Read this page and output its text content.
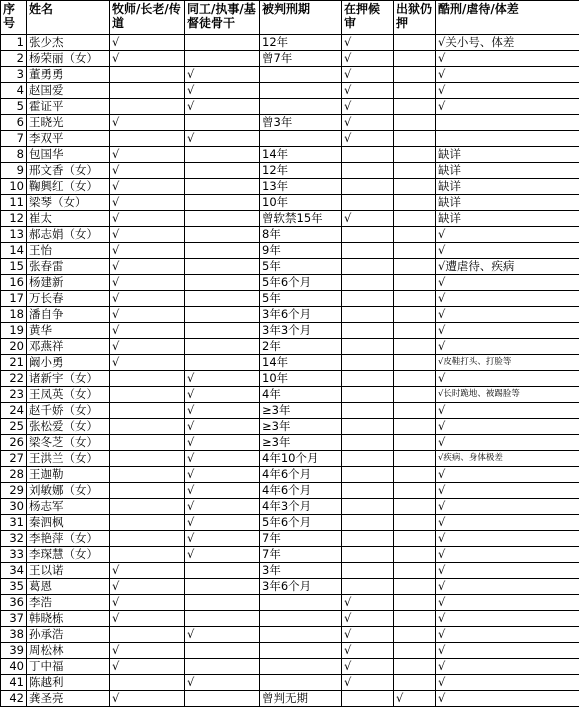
序号	姓名	牧师/长老/传道	同工/执事/基督徒骨干	被判刑期	在押候审	出狱仍押	酷刑/虐待/体差
1	张少杰	√		12年	√		√关小号、体差
2	杨荣丽（女）	√		曾7年	√		√
3	董勇勇		√		√		√
4	赵国爱		√		√		√
5	霍证平		√		√		√
6	王晓光	√		曾3年	√		
7	李双平		√		√		
8	包国华	√		14年			缺详
9	邢文香（女）	√		12年			缺详
10	鞠興红（女）	√		13年			缺详
11	梁琴（女）	√		10年			缺详
12	崔太	√		曾软禁15年	√		缺详
13	郝志娟（女）	√		8年			√
14	王怡	√		9年			√
15	张春雷	√		5年			√遭虐待、疾病
16	杨建新	√		5年6个月			√
17	万长春	√		5年			√
18	潘自争	√		3年6个月			√
19	黄华	√		3年3个月			√
20	邓燕祥	√		2年			√
21	阚小勇	√		14年			√皮鞋打头、打脸等
22	诸新宇（女）		√	10年			√
23	王凤英（女）		√	4年			√长时跪地、被踢脸等
24	赵千娇（女）		√	≥3年			√
25	张松爱（女）		√	≥3年			√
26	梁冬芝（女）		√	≥3年			√
27	王洪兰（女）		√	4年10个月			√疾病、身体极差
28	王迦勒		√	4年6个月			√
29	刘敏娜（女）		√	4年6个月			√
30	杨志军		√	4年3个月			√
31	秦泗枫		√	5年6个月			√
32	李艳萍（女）		√	7年			√
33	李琛慧（女）		√	7年			√
34	王以诺	√		3年			√
35	葛恩	√		3年6个月			√
36	李浩	√			√		√
37	韩晓栋	√			√		√
38	孙承浩		√		√		√
39	周松林	√			√		√
40	丁中福	√			√		√
41	陈越利		√		√		√
42	龚圣亮	√		曾判无期		√	√
